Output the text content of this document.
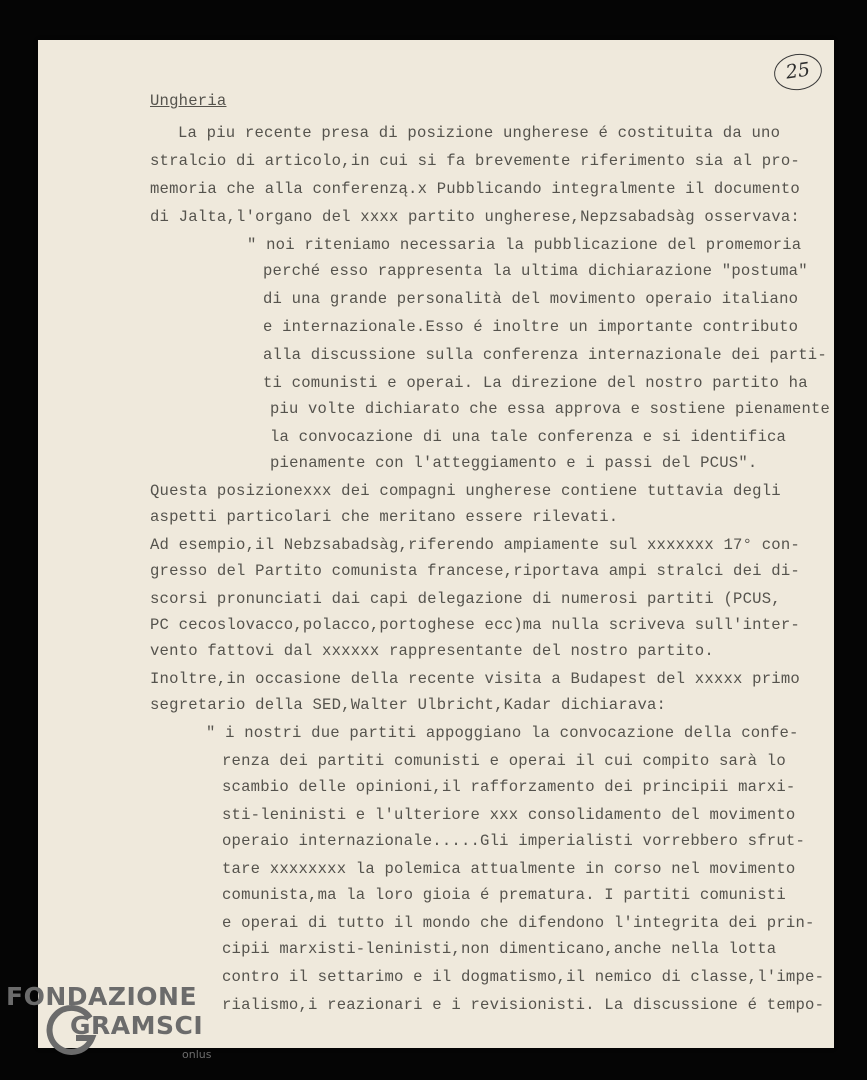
25
Ungheria
La piu recente presa di posizione ungherese é costituita da uno
stralcio di articolo,in cui si fa brevemente riferimento sia al pro-
memoria che alla conferenzą.x Pubblicando integralmente il documento
di Jalta,l'organo del xxxx partito ungherese,Nepzsabadsàg osservava:
" noi riteniamo necessaria la pubblicazione del promemoria
perché esso rappresenta la ultima dichiarazione "postuma"
di una grande personalità del movimento operaio italiano
e internazionale.Esso é inoltre un importante contributo
alla discussione sulla conferenza internazionale dei parti-
ti comunisti e operai. La direzione del nostro partito ha
piu volte dichiarato che essa approva e sostiene pienamente
la convocazione di una tale conferenza e si identifica
pienamente con l'atteggiamento e i passi del PCUS".
Questa posizionexxx dei compagni ungherese contiene tuttavia degli
aspetti particolari che meritano essere rilevati.
Ad esempio,il Nebzsabadsàg,riferendo ampiamente sul xxxxxxx 17° con-
gresso del Partito comunista francese,riportava ampi stralci dei di-
scorsi pronunciati dai capi delegazione di numerosi partiti (PCUS,
PC cecoslovacco,polacco,portoghese ecc)ma nulla scriveva sull'inter-
vento fattovi dal xxxxxx rappresentante del nostro partito.
Inoltre,in occasione della recente visita a Budapest del xxxxx primo
segretario della SED,Walter Ulbricht,Kadar dichiarava:
" i nostri due partiti appoggiano la convocazione della confe-
renza dei partiti comunisti e operai il cui compito sarà lo
scambio delle opinioni,il rafforzamento dei principii marxi-
sti-leninisti e l'ulteriore xxx consolidamento del movimento
operaio internazionale.....Gli imperialisti vorrebbero sfrut-
tare xxxxxxxx la polemica attualmente in corso nel movimento
comunista,ma la loro gioia é prematura. I partiti comunisti
e operai di tutto il mondo che difendono l'integrita dei prin-
cipii marxisti-leninisti,non dimenticano,anche nella lotta
contro il settarimo e il dogmatismo,il nemico di classe,l'impe-
rialismo,i reazionari e i revisionisti. La discussione é tempo-
FONDAZIONE
GRAMSCI
onlus
